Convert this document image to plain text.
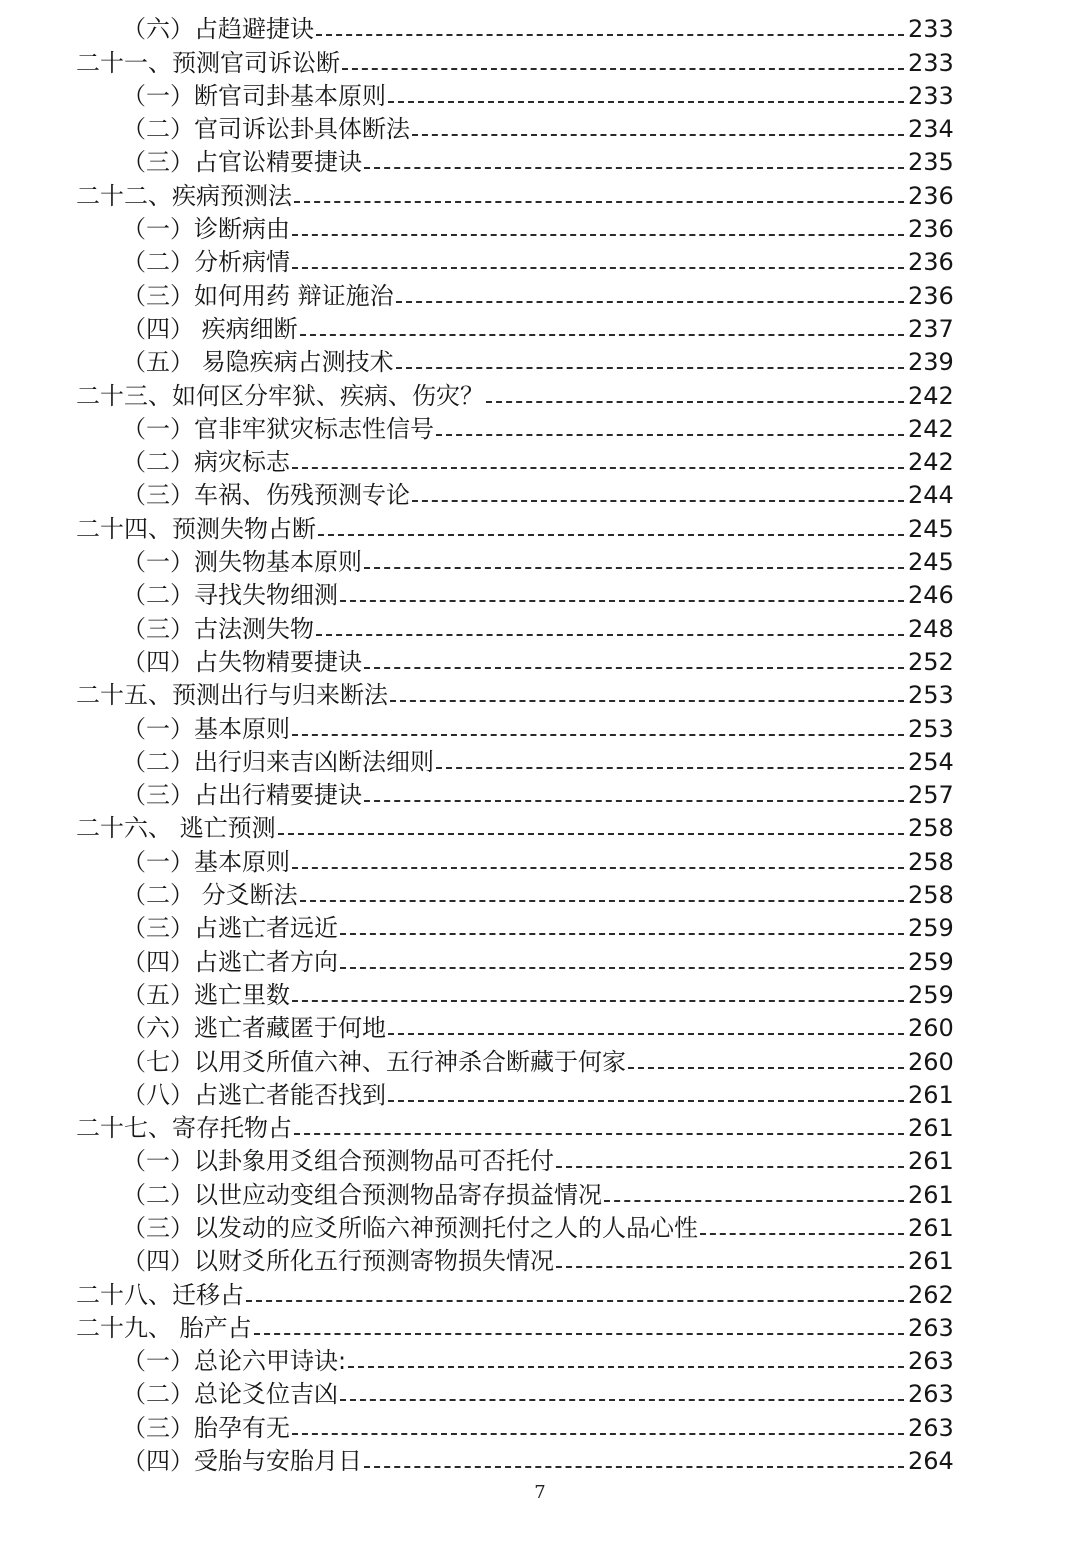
（六）占趋避捷诀	233
二十一、预测官司诉讼断	233
（一）断官司卦基本原则	233
（二）官司诉讼卦具体断法	234
（三）占官讼精要捷诀	235
二十二、疾病预测法	236
（一）诊断病由	236
（二）分析病情	236
（三）如何用药 辩证施治	236
（四） 疾病细断	237
（五） 易隐疾病占测技术	239
二十三、如何区分牢狱、疾病、伤灾？	242
（一）官非牢狱灾标志性信号	242
（二）病灾标志	242
（三）车祸、伤残预测专论	244
二十四、预测失物占断	245
（一）测失物基本原则	245
（二）寻找失物细测	246
（三）古法测失物	248
（四）占失物精要捷诀	252
二十五、预测出行与归来断法	253
（一）基本原则	253
（二）出行归来吉凶断法细则	254
（三）占出行精要捷诀	257
二十六、 逃亡预测	258
（一）基本原则	258
（二） 分爻断法	258
（三）占逃亡者远近	259
（四）占逃亡者方向	259
（五）逃亡里数	259
（六）逃亡者藏匿于何地	260
（七）以用爻所值六神、五行神杀合断藏于何家	260
（八）占逃亡者能否找到	261
二十七、寄存托物占	261
（一）以卦象用爻组合预测物品可否托付	261
（二）以世应动变组合预测物品寄存损益情况	261
（三）以发动的应爻所临六神预测托付之人的人品心性	261
（四）以财爻所化五行预测寄物损失情况	261
二十八、迁移占	262
二十九、 胎产占	263
（一）总论六甲诗诀:	263
（二）总论爻位吉凶	263
（三）胎孕有无	263
（四）受胎与安胎月日	264
7
